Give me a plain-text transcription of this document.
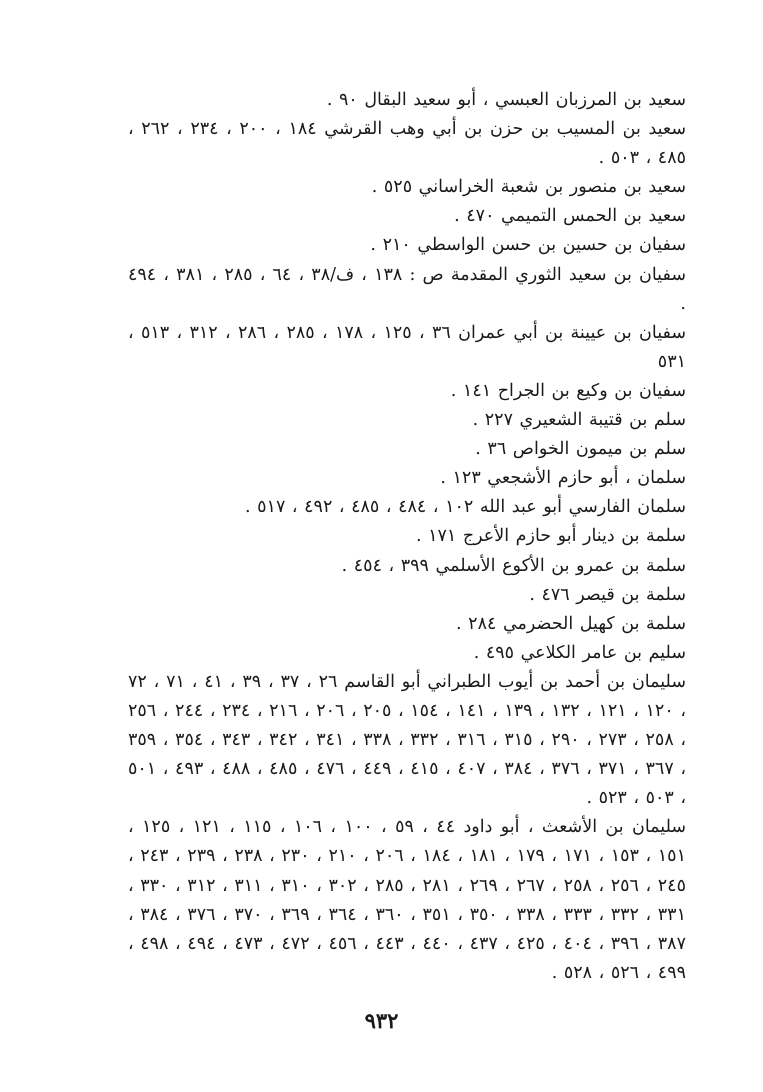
سعيد بن المرزبان العبسي ، أبو سعيد البقال ٩٠ .

سعيد بن المسيب بن حزن بن أبي وهب القرشي ١٨٤ ، ٢٠٠ ، ٢٣٤ ، ٢٦٢ ، ٤٨٥ ، ٥٠٣ .

سعيد بن منصور بن شعبة الخراساني ٥٢٥ .

سعيد بن الحمس التميمي ٤٧٠ .

سفيان بن حسين بن حسن الواسطي ٢١٠ .

سفيان بن سعيد الثوري المقدمة ص : ١٣٨ ، ف/٣٨ ، ٦٤ ، ٢٨٥ ، ٣٨١ ، ٤٩٤ .

سفيان بن عيينة بن أبي عمران ٣٦ ، ١٢٥ ، ١٧٨ ، ٢٨٥ ، ٢٨٦ ، ٣١٢ ، ٥١٣ ، ٥٣١

سفيان بن وكيع بن الجراح ١٤١ .

سلم بن قتيبة الشعيري ٢٢٧ .

سلم بن ميمون الخواص ٣٦ .

سلمان ، أبو حازم الأشجعي ١٢٣ .

سلمان الفارسي أبو عبد الله ١٠٢ ، ٤٨٤ ، ٤٨٥ ، ٤٩٢ ، ٥١٧ .

سلمة بن دينار أبو حازم الأعرج ١٧١ .

سلمة بن عمرو بن الأكوع الأسلمي ٣٩٩ ، ٤٥٤ .

سلمة بن قيصر ٤٧٦ .

سلمة بن كهيل الحضرمي ٢٨٤ .

سليم بن عامر الكلاعي ٤٩٥ .

سليمان بن أحمد بن أيوب الطبراني أبو القاسم ٢٦ ، ٣٧ ، ٣٩ ، ٤١ ، ٧١ ، ٧٢ ، ١٢٠ ، ١٢١ ، ١٣٢ ، ١٣٩ ، ١٤١ ، ١٥٤ ، ٢٠٥ ، ٢٠٦ ، ٢١٦ ، ٢٣٤ ، ٢٤٤ ، ٢٥٦ ، ٢٥٨ ، ٢٧٣ ، ٢٩٠ ، ٣١٥ ، ٣١٦ ، ٣٣٢ ، ٣٣٨ ، ٣٤١ ، ٣٤٢ ، ٣٤٣ ، ٣٥٤ ، ٣٥٩ ، ٣٦٧ ، ٣٧١ ، ٣٧٦ ، ٣٨٤ ، ٤٠٧ ، ٤١٥ ، ٤٤٩ ، ٤٧٦ ، ٤٨٥ ، ٤٨٨ ، ٤٩٣ ، ٥٠١ ، ٥٠٣ ، ٥٢٣ .

سليمان بن الأشعث ، أبو داود ٤٤ ، ٥٩ ، ١٠٠ ، ١٠٦ ، ١١٥ ، ١٢١ ، ١٢٥ ، ١٥١ ، ١٥٣ ، ١٧١ ، ١٧٩ ، ١٨١ ، ١٨٤ ، ٢٠٦ ، ٢١٠ ، ٢٣٠ ، ٢٣٨ ، ٢٣٩ ، ٢٤٣ ، ٢٤٥ ، ٢٥٦ ، ٢٥٨ ، ٢٦٧ ، ٢٦٩ ، ٢٨١ ، ٢٨٥ ، ٣٠٢ ، ٣١٠ ، ٣١١ ، ٣١٢ ، ٣٣٠ ، ٣٣١ ، ٣٣٢ ، ٣٣٣ ، ٣٣٨ ، ٣٥٠ ، ٣٥١ ، ٣٦٠ ، ٣٦٤ ، ٣٦٩ ، ٣٧٠ ، ٣٧٦ ، ٣٨٤ ، ٣٨٧ ، ٣٩٦ ، ٤٠٤ ، ٤٢٥ ، ٤٣٧ ، ٤٤٠ ، ٤٤٣ ، ٤٥٦ ، ٤٧٢ ، ٤٧٣ ، ٤٩٤ ، ٤٩٨ ، ٤٩٩ ، ٥٢٦ ، ٥٢٨ .

٩٣٢
